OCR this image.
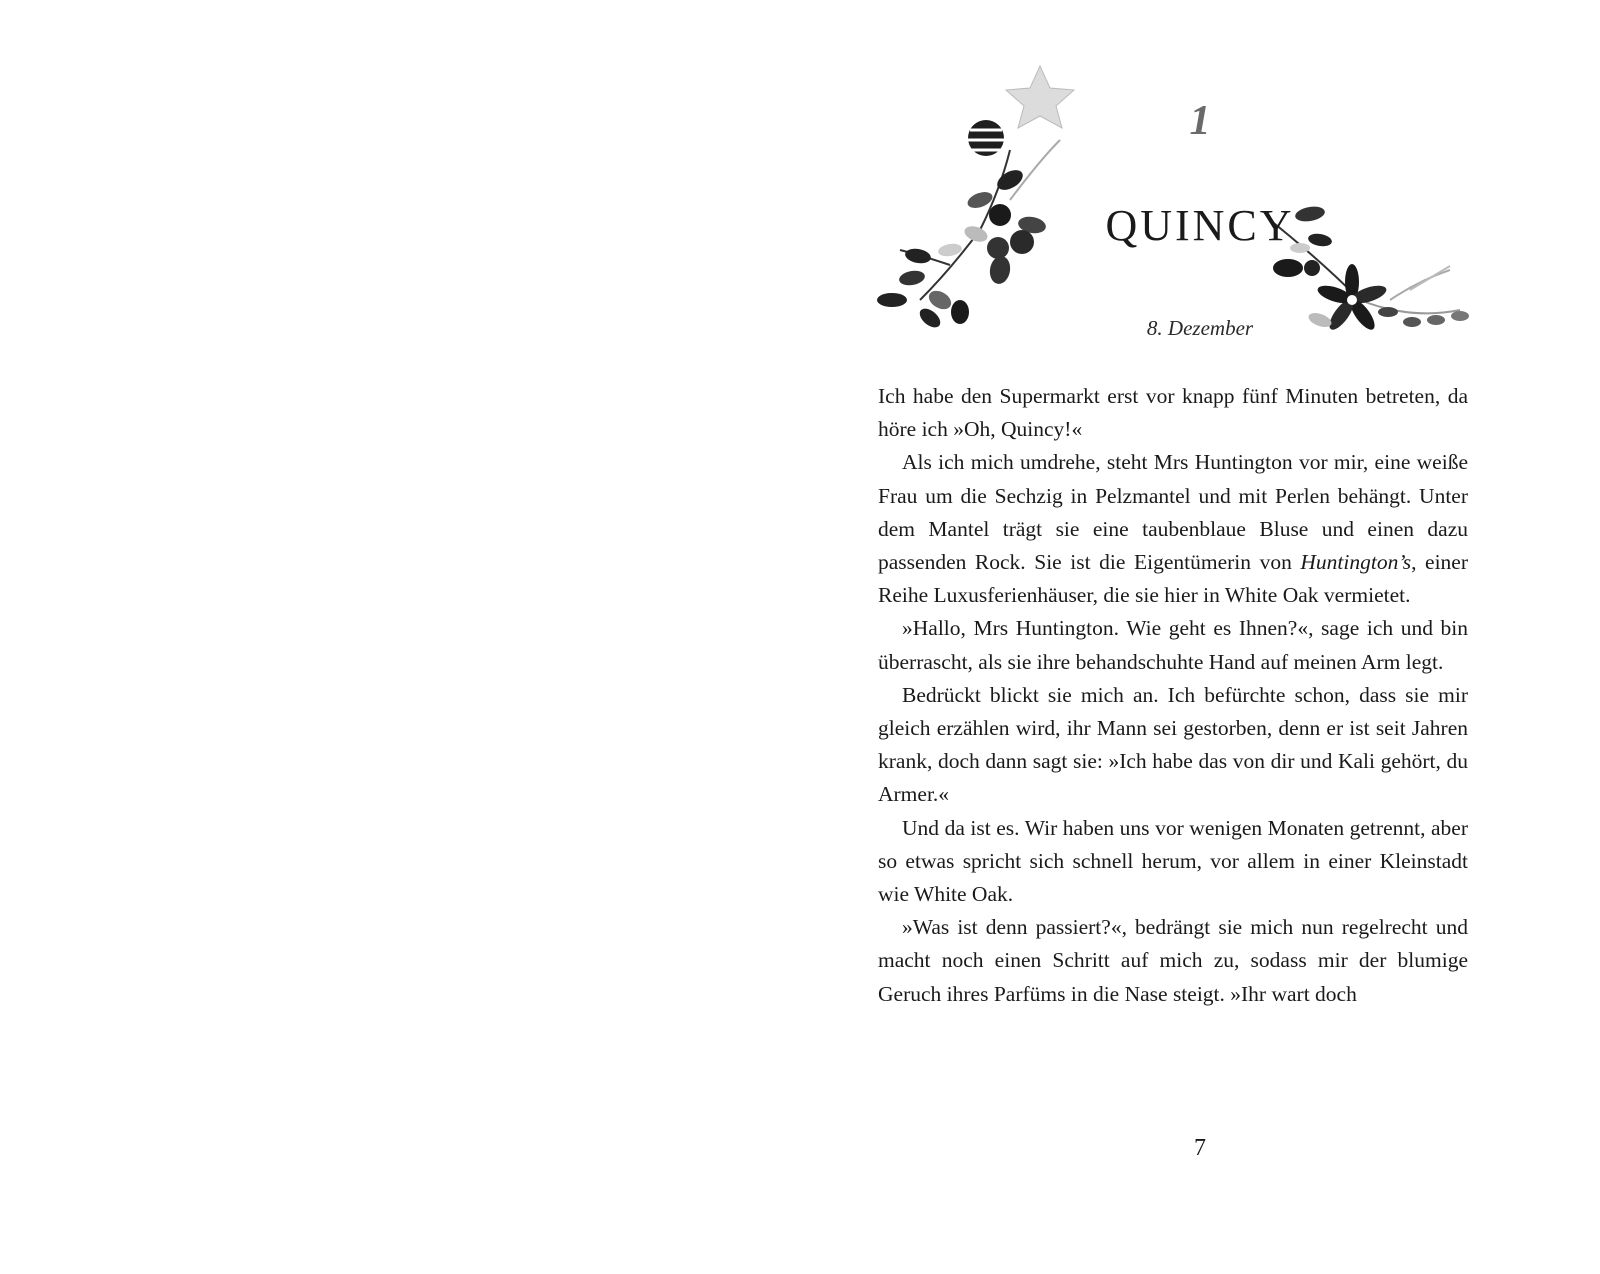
1
QUINCY
8. Dezember

Ich habe den Supermarkt erst vor knapp fünf Minuten betreten, da höre ich »Oh, Quincy!«

Als ich mich umdrehe, steht Mrs Huntington vor mir, eine weiße Frau um die Sechzig in Pelzmantel und mit Perlen behängt. Unter dem Mantel trägt sie eine taubenblaue Bluse und einen dazu passenden Rock. Sie ist die Eigentümerin von Huntington’s, einer Reihe Luxusferienhäuser, die sie hier in White Oak vermietet.

»Hallo, Mrs Huntington. Wie geht es Ihnen?«, sage ich und bin überrascht, als sie ihre behandschuhte Hand auf meinen Arm legt.

Bedrückt blickt sie mich an. Ich befürchte schon, dass sie mir gleich erzählen wird, ihr Mann sei gestorben, denn er ist seit Jahren krank, doch dann sagt sie: »Ich habe das von dir und Kali gehört, du Armer.«

Und da ist es. Wir haben uns vor wenigen Monaten getrennt, aber so etwas spricht sich schnell herum, vor allem in einer Kleinstadt wie White Oak.

»Was ist denn passiert?«, bedrängt sie mich nun regelrecht und macht noch einen Schritt auf mich zu, sodass mir der blumige Geruch ihres Parfüms in die Nase steigt. »Ihr wart doch

7
